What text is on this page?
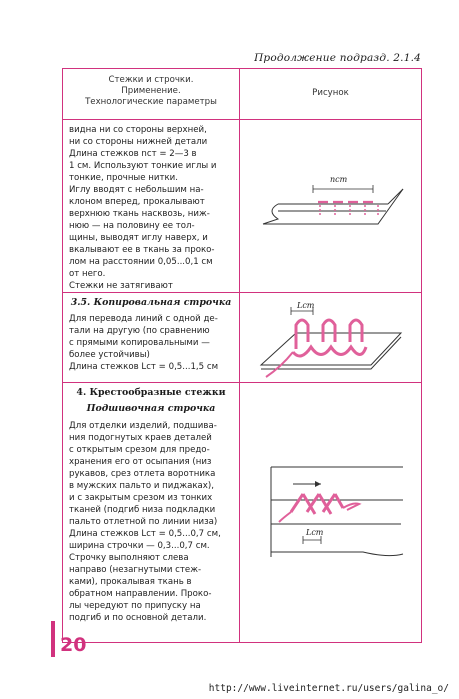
Продолжение подразд. 2.1.4
Стежки и строчки.
Применение.
Технологические параметры
Рисунок
видна ни со стороны верхней,
ни со стороны нижней детали
Длина стежков nст = 2—3 в
1 см. Используют тонкие иглы и
тонкие, прочные нитки.
Иглу вводят с небольшим на-
клоном вперед, прокалывают
верхнюю ткань насквозь, ниж-
нюю — на половину ее тол-
щины, выводят иглу наверх, и
вкалывают ее в ткань за проко-
лом на расстоянии 0,05...0,1 см
от него.
Стежки не затягивают
nст
3.5. Копировальная строчка
Для перевода линий с одной де-
тали на другую (по сравнению
с прямыми копировальными —
более устойчивы)
Длина стежков Lст = 0,5...1,5 см
Lст
4. Крестообразные стежки
Подшивочная строчка
Для отделки изделий, подшива-
ния подогнутых краев деталей
с открытым срезом для предо-
хранения его от осыпания (низ
рукавов, срез отлета воротника
в мужских пальто и пиджаках),
и с закрытым срезом из тонких
тканей (подгиб низа подкладки
пальто отлетной по линии низа)
Длина стежков Lст = 0,5...0,7 см,
ширина строчки — 0,3...0,7 см.
Строчку выполняют слева
направо (незагнутыми стеж-
ками), прокалывая ткань в
обратном направлении. Проко-
лы чередуют по припуску на
подгиб и по основной детали.
Lст
20
http://www.liveinternet.ru/users/galina_o/
